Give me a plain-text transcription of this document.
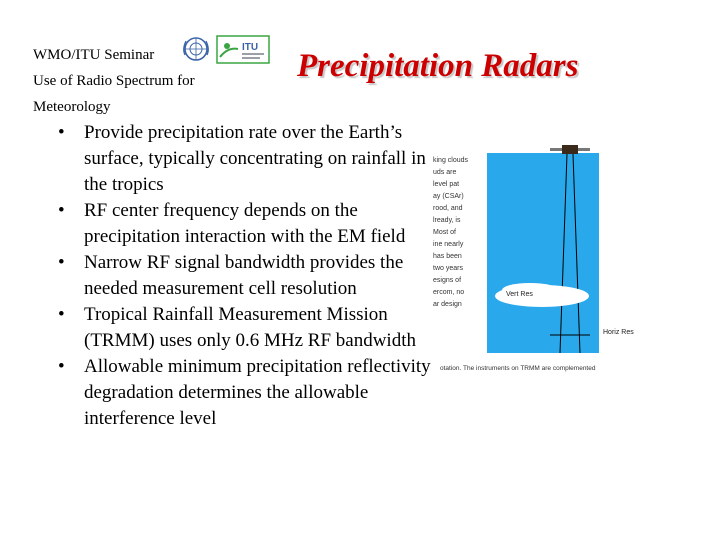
WMO/ITU Seminar
Use of Radio Spectrum for
Meteorology
ITU
Precipitation Radars
• Provide precipitation rate over the Earth’s surface, typically concentrating on rainfall in the tropics
• RF center frequency depends on the precipitation interaction with the EM field
• Narrow RF signal bandwidth provides the needed measurement cell resolution
• Tropical Rainfall Measurement Mission (TRMM) uses only 0.6 MHz RF bandwidth
• Allowable minimum precipitation reflectivity degradation determines the allowable interference level
king clouds
uds are
level pat
ay (CSAr)
rood, and
lready, is
Most of
ine nearly
has been
two years
esigns of
ercom, no
ar design
Vert Res
Horiz Res
otation. The instruments on TRMM are complemented
